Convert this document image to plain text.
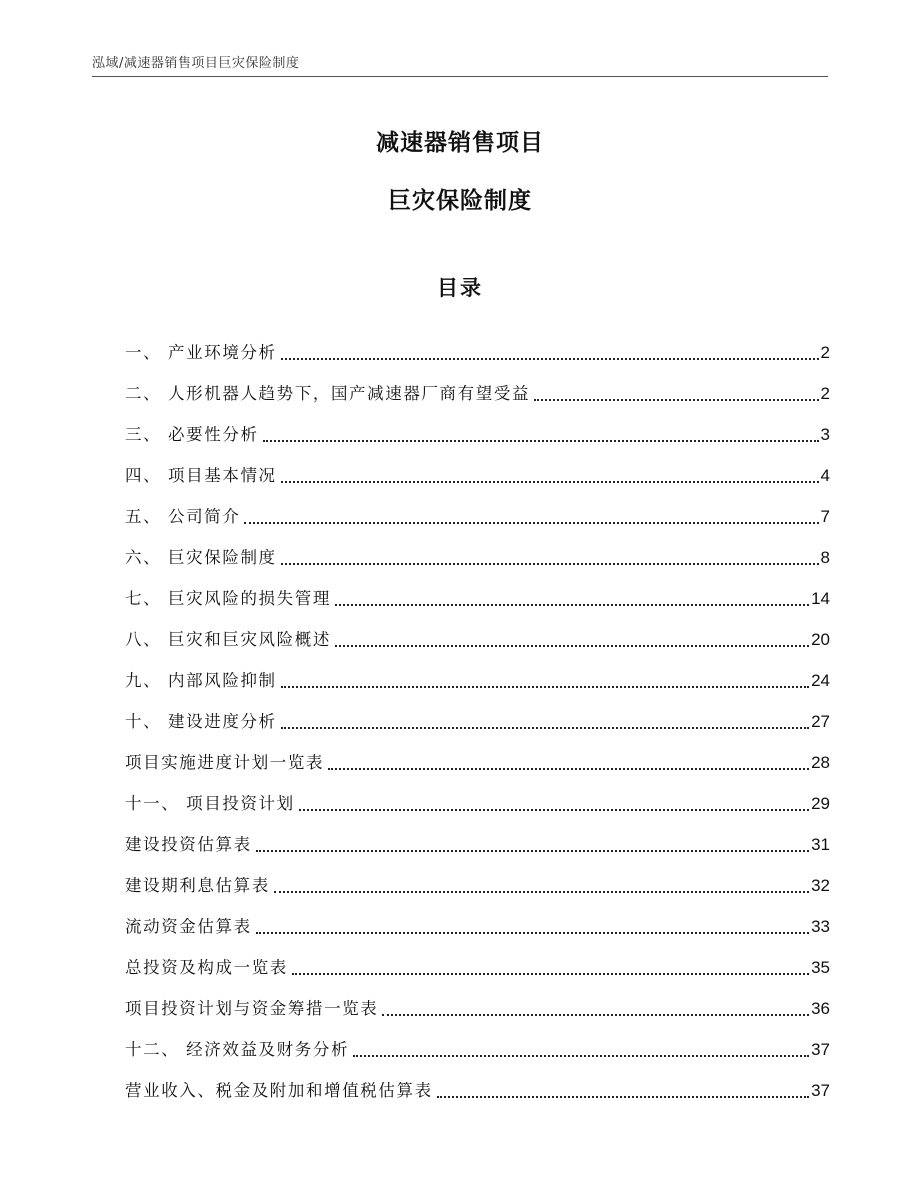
泓域/减速器销售项目巨灾保险制度
减速器销售项目
巨灾保险制度
目录
一、 产业环境分析	2
二、 人形机器人趋势下，国产减速器厂商有望受益	2
三、 必要性分析	3
四、 项目基本情况	4
五、 公司简介	7
六、 巨灾保险制度	8
七、 巨灾风险的损失管理	14
八、 巨灾和巨灾风险概述	20
九、 内部风险抑制	24
十、 建设进度分析	27
项目实施进度计划一览表	28
十一、 项目投资计划	29
建设投资估算表	31
建设期利息估算表	32
流动资金估算表	33
总投资及构成一览表	35
项目投资计划与资金筹措一览表	36
十二、 经济效益及财务分析	37
营业收入、税金及附加和增值税估算表	37
